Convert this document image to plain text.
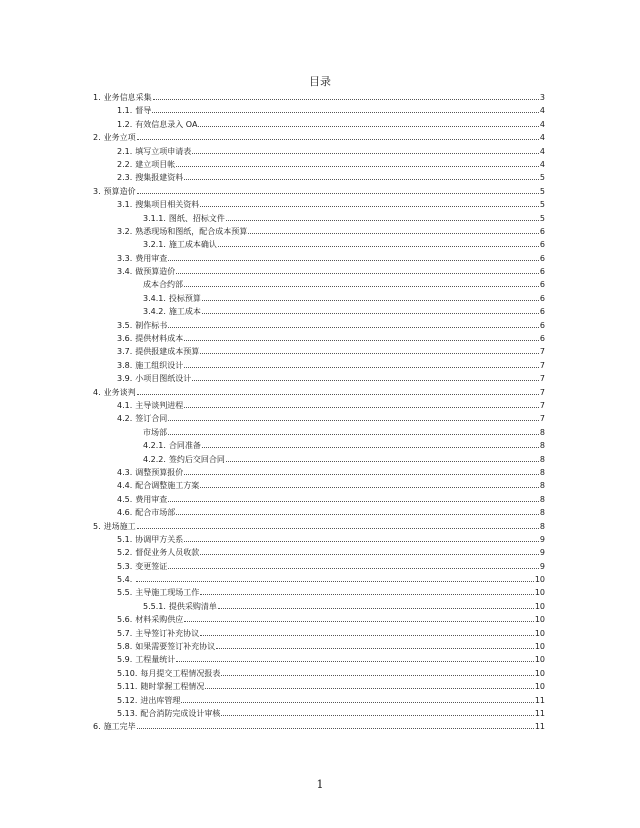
目录
1. 业务信息采集	3
1.1. 督导	4
1.2. 有效信息录入 OA	4
2. 业务立项	4
2.1. 填写立项申请表	4
2.2. 建立项目帐	4
2.3. 搜集报建资料	5
3. 预算造价	5
3.1. 搜集项目相关资料	5
3.1.1. 图纸、招标文件	5
3.2. 熟悉现场和图纸，配合成本预算	6
3.2.1. 施工成本确认	6
3.3. 费用审查	6
3.4. 做预算造价	6
成本合约部	6
3.4.1. 投标预算	6
3.4.2. 施工成本	6
3.5. 制作标书	6
3.6. 提供材料成本	6
3.7. 提供报建成本预算	7
3.8. 施工组织设计	7
3.9. 小项目图纸设计	7
4. 业务谈判	7
4.1. 主导谈判进程	7
4.2. 签订合同	7
市场部	8
4.2.1. 合同准备	8
4.2.2. 签约后交回合同	8
4.3. 调整预算报价	8
4.4. 配合调整施工方案	8
4.5. 费用审查	8
4.6. 配合市场部	8
5. 进场施工	8
5.1. 协调甲方关系	9
5.2. 督促业务人员收款	9
5.3. 变更签证	9
5.4.	10
5.5. 主导施工现场工作	10
5.5.1. 提供采购清单	10
5.6. 材料采购供应	10
5.7. 主导签订补充协议	10
5.8. 如果需要签订补充协议	10
5.9. 工程量统计	10
5.10. 每月提交工程情况报表	10
5.11. 随时掌握工程情况	10
5.12. 进出库管理	11
5.13. 配合消防完成设计审核	11
6. 施工完毕	11
1
